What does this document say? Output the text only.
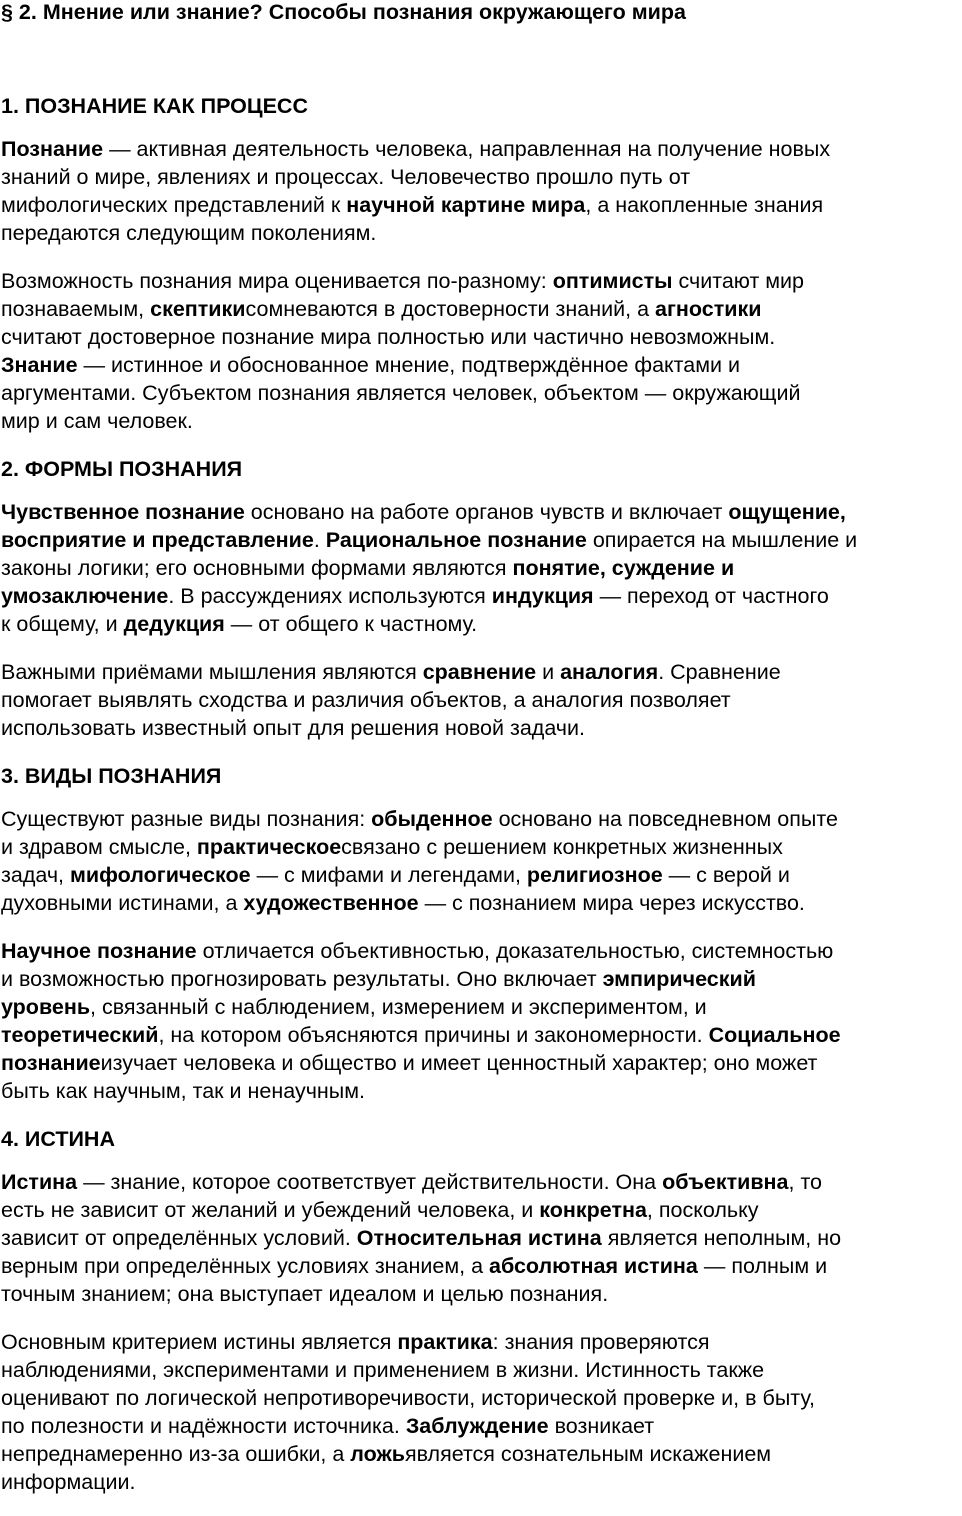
§ 2. Мнение или знание? Способы познания окружающего мира
1. ПОЗНАНИЕ КАК ПРОЦЕСС

Познание — активная деятельность человека, направленная на получение новых
знаний о мире, явлениях и процессах. Человечество прошло путь от
мифологических представлений к научной картине мира, а накопленные знания
передаются следующим поколениям.

Возможность познания мира оценивается по-разному: оптимисты считают мир
познаваемым, скептикисомневаются в достоверности знаний, а агностики
считают достоверное познание мира полностью или частично невозможным.
Знание — истинное и обоснованное мнение, подтверждённое фактами и
аргументами. Субъектом познания является человек, объектом — окружающий
мир и сам человек.

2. ФОРМЫ ПОЗНАНИЯ

Чувственное познание основано на работе органов чувств и включает ощущение,
восприятие и представление. Рациональное познание опирается на мышление и
законы логики; его основными формами являются понятие, суждение и
умозаключение. В рассуждениях используются индукция — переход от частного
к общему, и дедукция — от общего к частному.

Важными приёмами мышления являются сравнение и аналогия. Сравнение
помогает выявлять сходства и различия объектов, а аналогия позволяет
использовать известный опыт для решения новой задачи.

3. ВИДЫ ПОЗНАНИЯ

Существуют разные виды познания: обыденное основано на повседневном опыте
и здравом смысле, практическоесвязано с решением конкретных жизненных
задач, мифологическое — с мифами и легендами, религиозное — с верой и
духовными истинами, а художественное — с познанием мира через искусство.

Научное познание отличается объективностью, доказательностью, системностью
и возможностью прогнозировать результаты. Оно включает эмпирический
уровень, связанный с наблюдением, измерением и экспериментом, и
теоретический, на котором объясняются причины и закономерности. Социальное
познаниеизучает человека и общество и имеет ценностный характер; оно может
быть как научным, так и ненаучным.

4. ИСТИНА

Истина — знание, которое соответствует действительности. Она объективна, то
есть не зависит от желаний и убеждений человека, и конкретна, поскольку
зависит от определённых условий. Относительная истина является неполным, но
верным при определённых условиях знанием, а абсолютная истина — полным и
точным знанием; она выступает идеалом и целью познания.

Основным критерием истины является практика: знания проверяются
наблюдениями, экспериментами и применением в жизни. Истинность также
оценивают по логической непротиворечивости, исторической проверке и, в быту,
по полезности и надёжности источника. Заблуждение возникает
непреднамеренно из-за ошибки, а ложьявляется сознательным искажением
информации.
